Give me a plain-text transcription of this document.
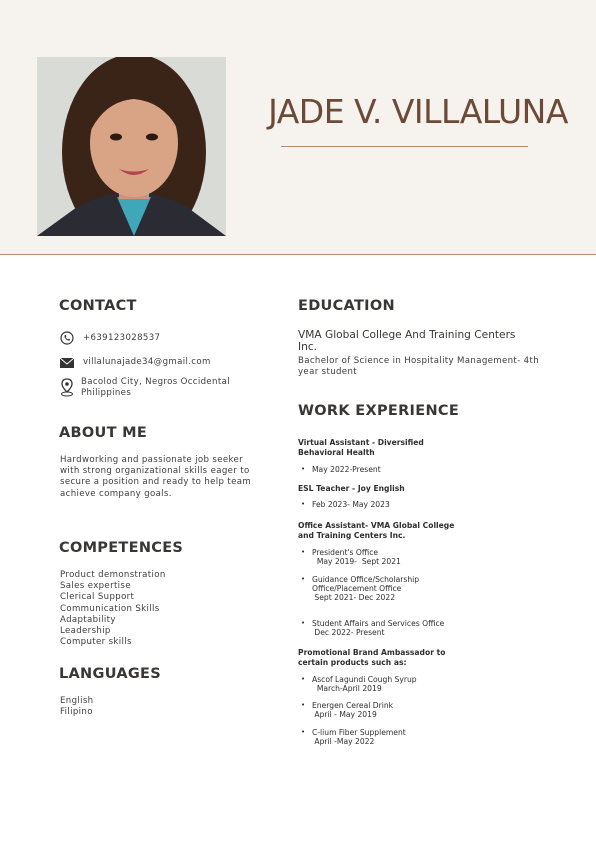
JADE V. VILLALUNA
CONTACT
+639123028537
villalunajade34@gmail.com
Bacolod City, Negros Occidental
Philippines
ABOUT ME
Hardworking and passionate job seeker
with strong organizational skills eager to
secure a position and ready to help team
achieve company goals.
COMPETENCES
Product demonstration
Sales expertise
Clerical Support
Communication Skills
Adaptability
Leadership
Computer skills
LANGUAGES
English
Filipino
EDUCATION
VMA Global College And Training Centers
Inc.
Bachelor of Science in Hospitality Management- 4th
year student
WORK EXPERIENCE
Virtual Assistant - Diversified
Behavioral Health
• May 2022-Present
ESL Teacher - Joy English
• Feb 2023- May 2023
Office Assistant- VMA Global College
and Training Centers Inc.
• President's Office
May 2019-  Sept 2021
• Guidance Office/Scholarship
Office/Placement Office
Sept 2021- Dec 2022
• Student Affairs and Services Office
Dec 2022- Present
Promotional Brand Ambassador to
certain products such as:
• Ascof Lagundi Cough Syrup
March-April 2019
• Energen Cereal Drink
April - May 2019
• C-lium Fiber Supplement
April -May 2022
